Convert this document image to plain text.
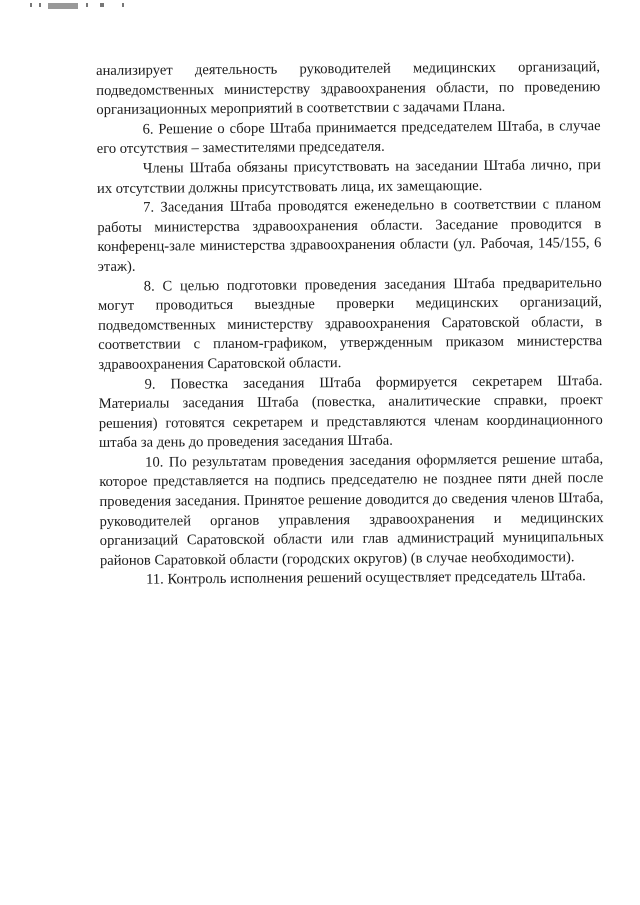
анализирует деятельность руководителей медицинских организаций, подведомственных министерству здравоохранения области, по проведению организационных мероприятий в соответствии с задачами Плана.

6. Решение о сборе Штаба принимается председателем Штаба, в случае его отсутствия – заместителями председателя.

Члены Штаба обязаны присутствовать на заседании Штаба лично, при их отсутствии должны присутствовать лица, их замещающие.

7. Заседания Штаба проводятся еженедельно в соответствии с планом работы министерства здравоохранения области. Заседание проводится в конференц-зале министерства здравоохранения области (ул. Рабочая, 145/155, 6 этаж).

8. С целью подготовки проведения заседания Штаба предварительно могут проводиться выездные проверки медицинских организаций, подведомственных министерству здравоохранения Саратовской области, в соответствии с планом-графиком, утвержденным приказом министерства здравоохранения Саратовской области.

9. Повестка заседания Штаба формируется секретарем Штаба. Материалы заседания Штаба (повестка, аналитические справки, проект решения) готовятся секретарем и представляются членам координационного штаба за день до проведения заседания Штаба.

10. По результатам проведения заседания оформляется решение штаба, которое представляется на подпись председателю не позднее пяти дней после проведения заседания. Принятое решение доводится до сведения членов Штаба, руководителей органов управления здравоохранения и медицинских организаций Саратовской области или глав администраций муниципальных районов Саратовкой области (городских округов) (в случае необходимости).

11. Контроль исполнения решений осуществляет председатель Штаба.
